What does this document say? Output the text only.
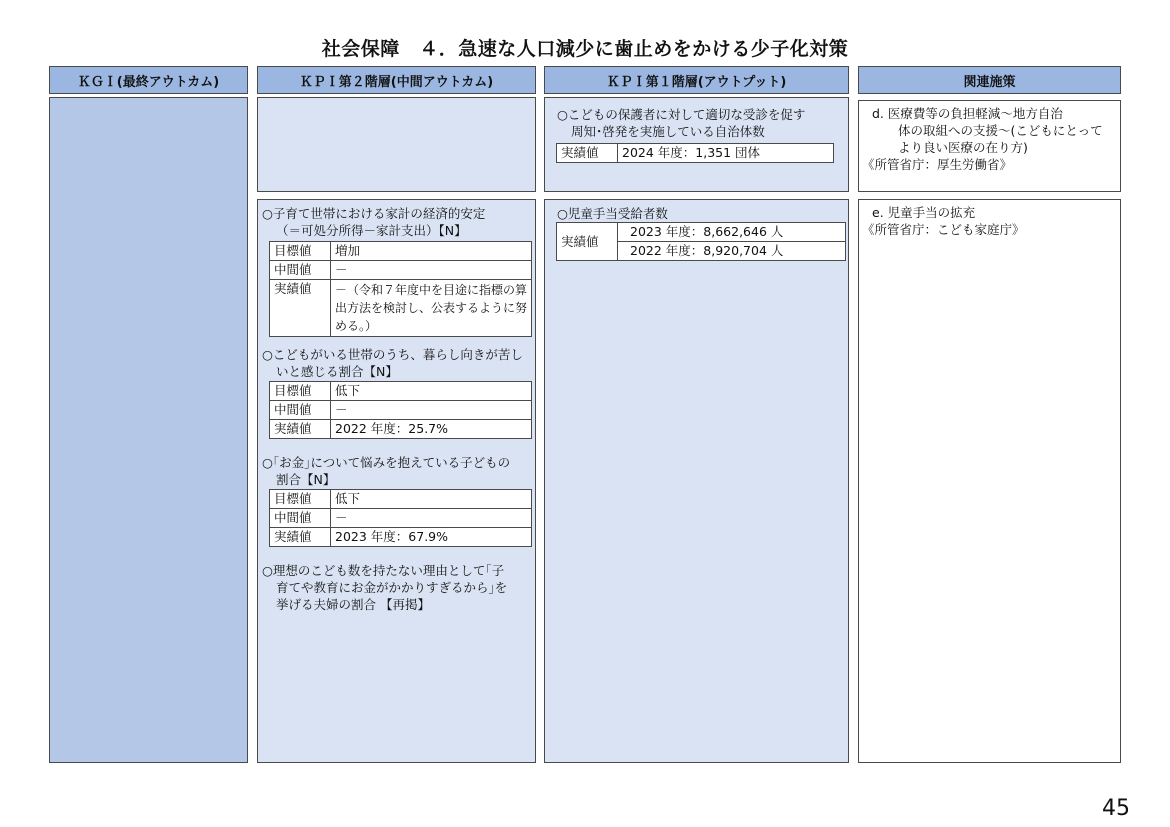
社会保障　４．急速な人口減少に歯止めをかける少子化対策
ＫＧＩ(最終アウトカム)	ＫＰＩ第２階層(中間アウトカム)	ＫＰＩ第１階層(アウトプット)	関連施策
○こどもの保護者に対して適切な受診を促す
周知･啓発を実施している自治体数
実績値	2024 年度：1,351 団体
d. 医療費等の負担軽減～地方自治
体の取組への支援～(こどもにとって
より良い医療の在り方)
《所管省庁：厚生労働省》
○子育て世帯における家計の経済的安定
（＝可処分所得－家計支出）【N】
目標値	増加
中間値	－
実績値	－（令和７年度中を目途に指標の算出方法を検討し、公表するように努める。）
○こどもがいる世帯のうち、暮らし向きが苦し
いと感じる割合【N】
目標値	低下
中間値	－
実績値	2022 年度：25.7%
○｢お金｣について悩みを抱えている子どもの
割合【N】
目標値	低下
中間値	－
実績値	2023 年度：67.9%
○理想のこども数を持たない理由として｢子
育てや教育にお金がかかりすぎるから｣を
挙げる夫婦の割合 【再掲】
○児童手当受給者数
実績値	2023 年度：8,662,646 人
2022 年度：8,920,704 人
e. 児童手当の拡充
《所管省庁：こども家庭庁》
45
